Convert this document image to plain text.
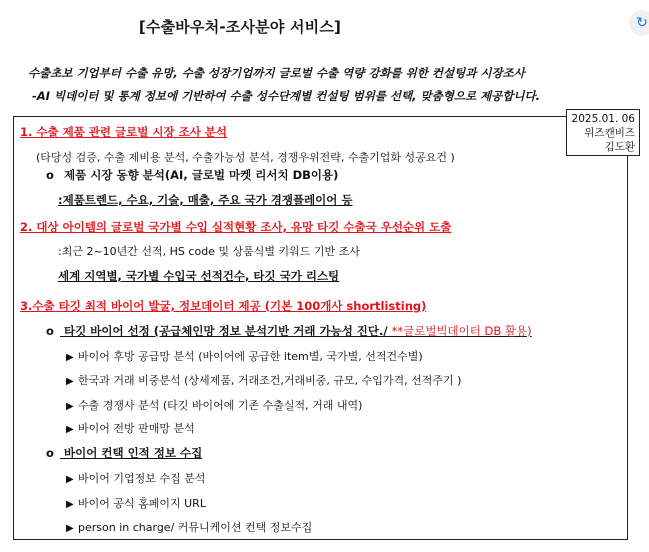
[수출바우처-조사분야 서비스]	↻
수출초보 기업부터 수출 유망, 수출 성장기업까지 글로벌 수출 역량 강화를 위한 컨설팅과 시장조사
-AI 빅데이터 및 통계 정보에 기반하여 수출 성수단계별 컨설팅 범위를 선택, 맞춤형으로 제공합니다.
2025.01. 06
위즈캔비즈
김도환
1. 수출 제품 관련 글로벌 시장 조사 분석
(타당성 검증, 수출 제비용 분석, 수출가능성 분석, 경쟁우위전략, 수출기업화 성공요건 )
o 제품 시장 동향 분석(AI, 글로벌 마켓 리서치 DB이용)
:제품트렌드, 수요, 기술, 매출, 주요 국가 경쟁플레이어 등
2. 대상 아이템의 글로벌 국가별 수입 실적현황 조사, 유망 타깃 수출국 우선순위 도출
:최근 2~10년간 선적, HS code 및 상품식별 키워드 기반 조사
세계 지역별, 국가별 수입국 선적건수, 타깃 국가 리스팅
3.수출 타깃 최적 바이어 발굴, 정보데이터 제공 (기본 100개사 shortlisting)
o 타깃 바이어 선정 (공급체인망 정보 분석기반 거래 가능성 진단./ **글로벌빅데이터 DB 활용)
▶ 바이어 후방 공급망 분석 (바이어에 공급한 item별, 국가별, 선적건수별)
▶ 한국과 거래 비중분석 (상세제품, 거래조건,거래비중, 규모, 수입가격, 선적주기 )
▶ 수출 경쟁사 분석 (타깃 바이어에 기존 수출실적, 거래 내역)
▶ 바이어 전방 판매망 분석
o 바이어 컨택 인적 정보 수집
▶ 바이어 기업정보 수집 분석
▶ 바이어 공식 홈페이지 URL
▶ person in charge/ 커뮤니케이션 컨택 정보수집
